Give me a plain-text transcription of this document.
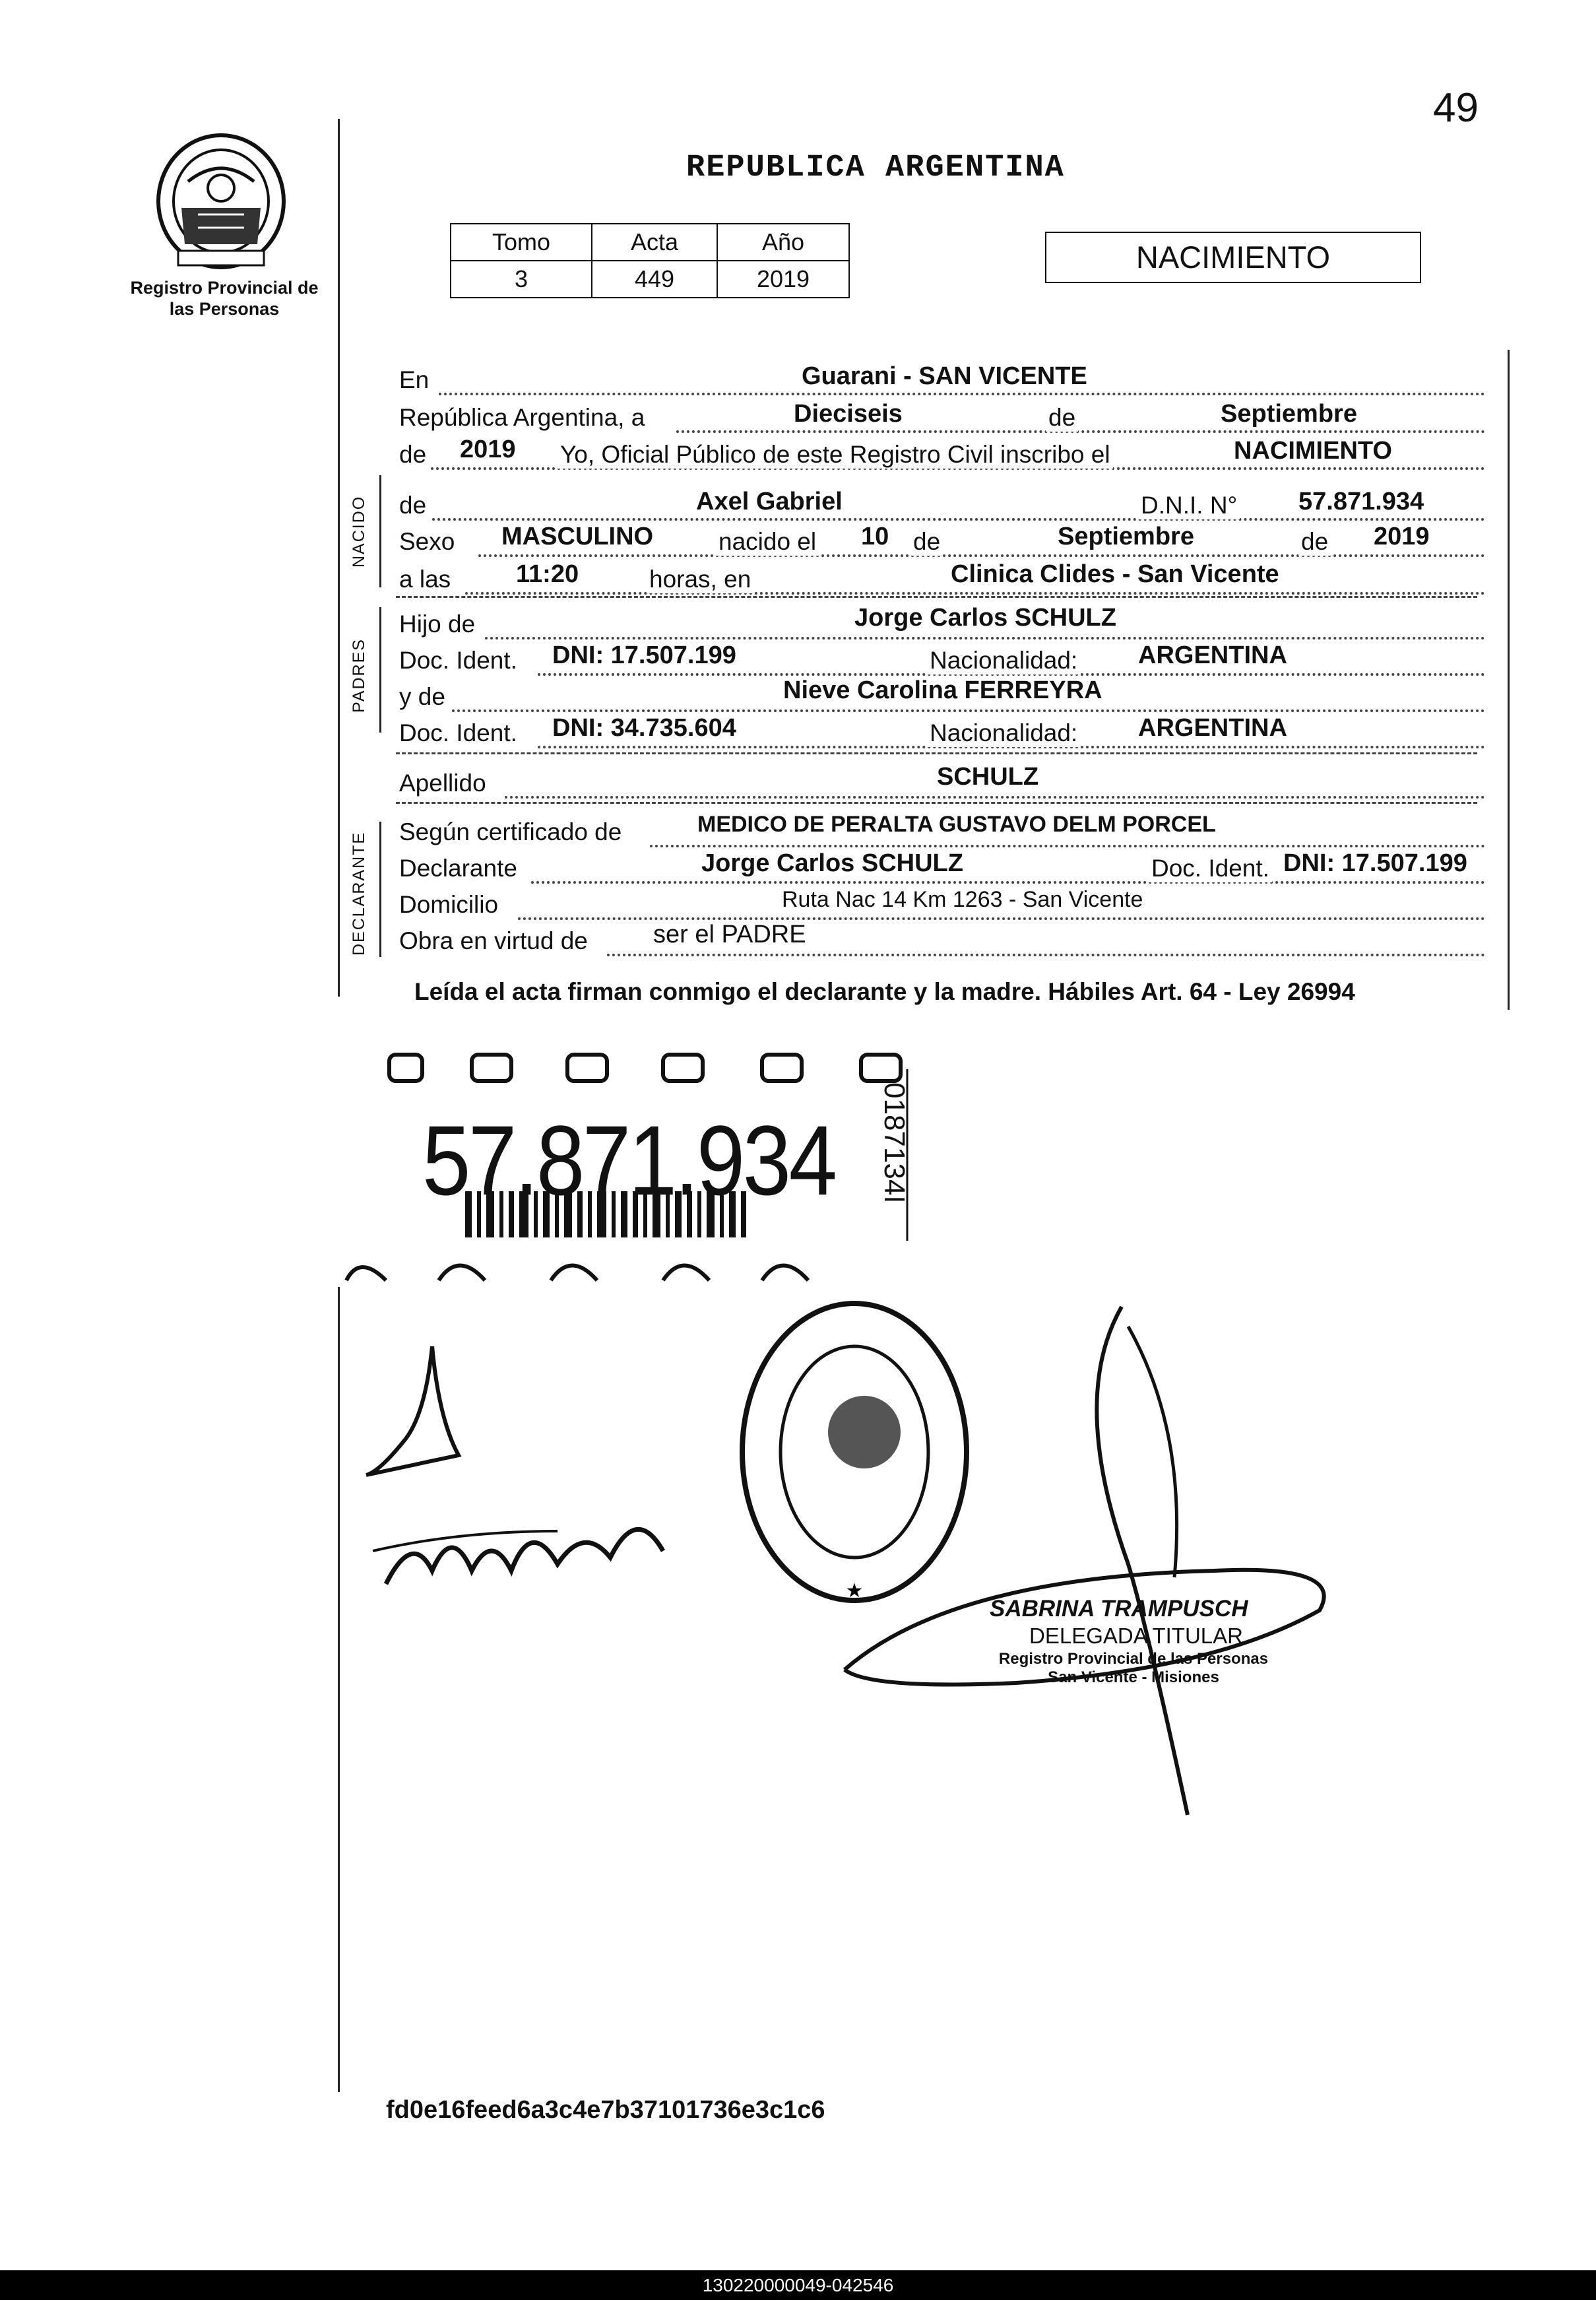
49
Registro Provincial de las Personas
REPUBLICA ARGENTINA
Tomo	Acta	Año
3	449	2019
NACIMIENTO
En	Guarani - SAN VICENTE
República Argentina, a	Dieciseis	de	Septiembre
de 2019 Yo, Oficial Público de este Registro Civil inscribo el	NACIMIENTO
NACIDO de	Axel Gabriel	D.N.I. N° 57.871.934
Sexo MASCULINO	nacido el 10 de	Septiembre	de 2019
a las	11:20	horas, en	Clinica Clides - San Vicente
PADRES
Hijo de	Jorge Carlos SCHULZ
Doc. Ident. DNI: 17.507.199	Nacionalidad: ARGENTINA
y de	Nieve Carolina FERREYRA
Doc. Ident. DNI: 34.735.604	Nacionalidad: ARGENTINA
Apellido	SCHULZ
DECLARANTE Según certificado de	MEDICO DE PERALTA GUSTAVO DELM PORCEL
Declarante	Jorge Carlos SCHULZ	Doc. Ident. DNI: 17.507.199
Domicilio	Ruta Nac 14 Km 1263 - San Vicente
Obra en virtud de	ser el PADRE
Leída el acta firman conmigo el declarante y la madre. Hábiles Art. 64 - Ley 26994
57.871.934 0187134I
★
SABRINA TRAMPUSCH
DELEGADA TITULAR
Registro Provincial de las Personas
San Vicente - Misiones
fd0e16feed6a3c4e7b37101736e3c1c6
130220000049-042546
